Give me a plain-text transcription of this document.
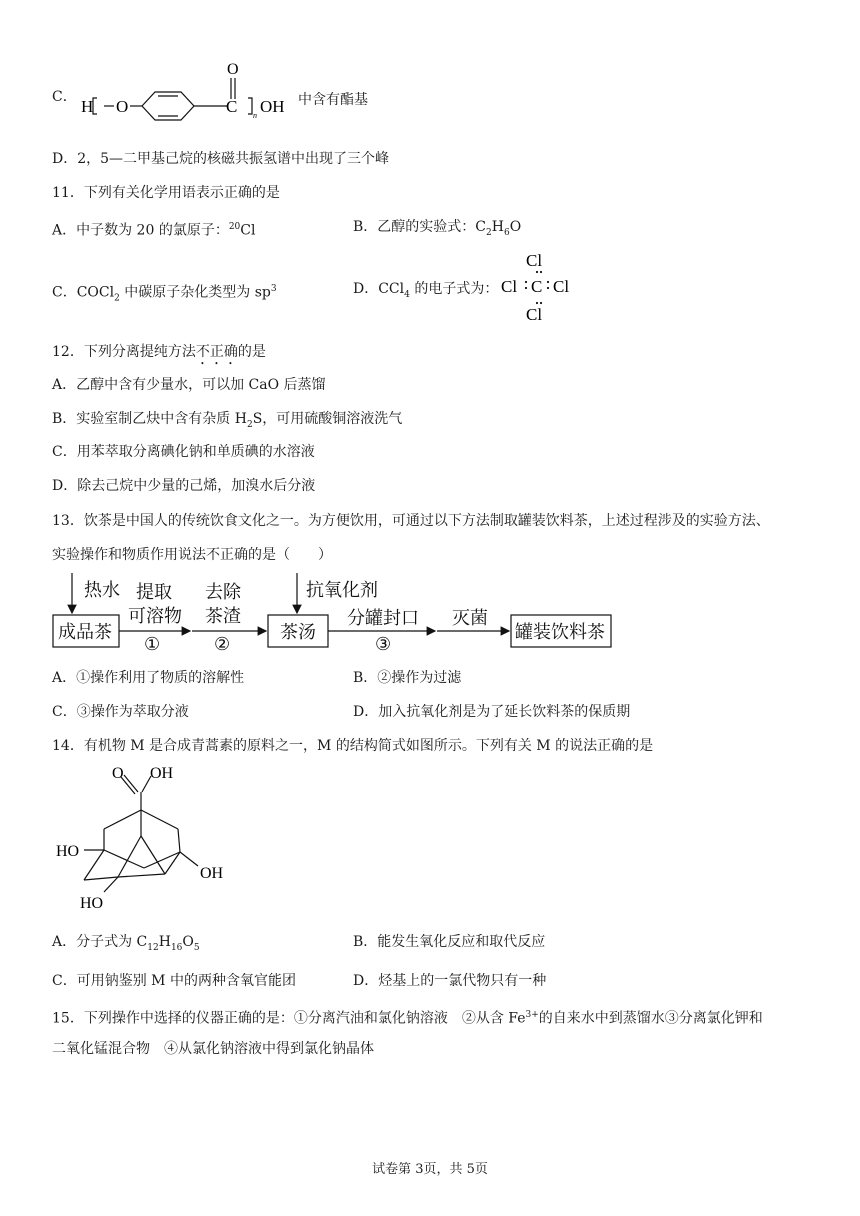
C． H O
O
C n OH 中含有酯基
D．2，5—二甲基己烷的核磁共振氢谱中出现了三个峰
11．下列有关化学用语表示正确的是
A．中子数为 20 的氯原子：$^{20}$Cl	B．乙醇的实验式：$C_2H_6O$
C．COCl$_2$ 中碳原子杂化类型为 $sp^3$	D．CCl$_4$ 的电子式为：
Cl
Cl C Cl
Cl
12．下列分离提纯方法不正确的是
A．乙醇中含有少量水，可以加 CaO 后蒸馏
B．实验室制乙炔中含有杂质 $H_2S$，可用硫酸铜溶液洗气
C．用苯萃取分离碘化钠和单质碘的水溶液
D．除去己烷中少量的己烯，加溴水后分液
13．饮茶是中国人的传统饮食文化之一。为方便饮用，可通过以下方法制取罐装饮料茶，上述过程涉及的实验方法、
实验操作和物质作用说法不正确的是（　　）
热水
成品茶
提取
可溶物
①
去除
茶渣
②
抗氧化剂
茶汤
分罐封口
③
灭菌
罐装饮料茶
A．①操作利用了物质的溶解性	B．②操作为过滤
C．③操作为萃取分液	D．加入抗氧化剂是为了延长饮料茶的保质期
14．有机物 M 是合成青蒿素的原料之一，M 的结构简式如图所示。下列有关 M 的说法正确的是
O OH
HO
OH
HO
A．分子式为 $C_{12}H_{16}O_5$	B．能发生氧化反应和取代反应
C．可用钠鉴别 M 中的两种含氧官能团	D．烃基上的一氯代物只有一种
15．下列操作中选择的仪器正确的是：①分离汽油和氯化钠溶液　②从含 $Fe^{3+}$的自来水中到蒸馏水③分离氯化钾和
二氧化锰混合物　④从氯化钠溶液中得到氯化钠晶体
试卷第 3页，共 5页
